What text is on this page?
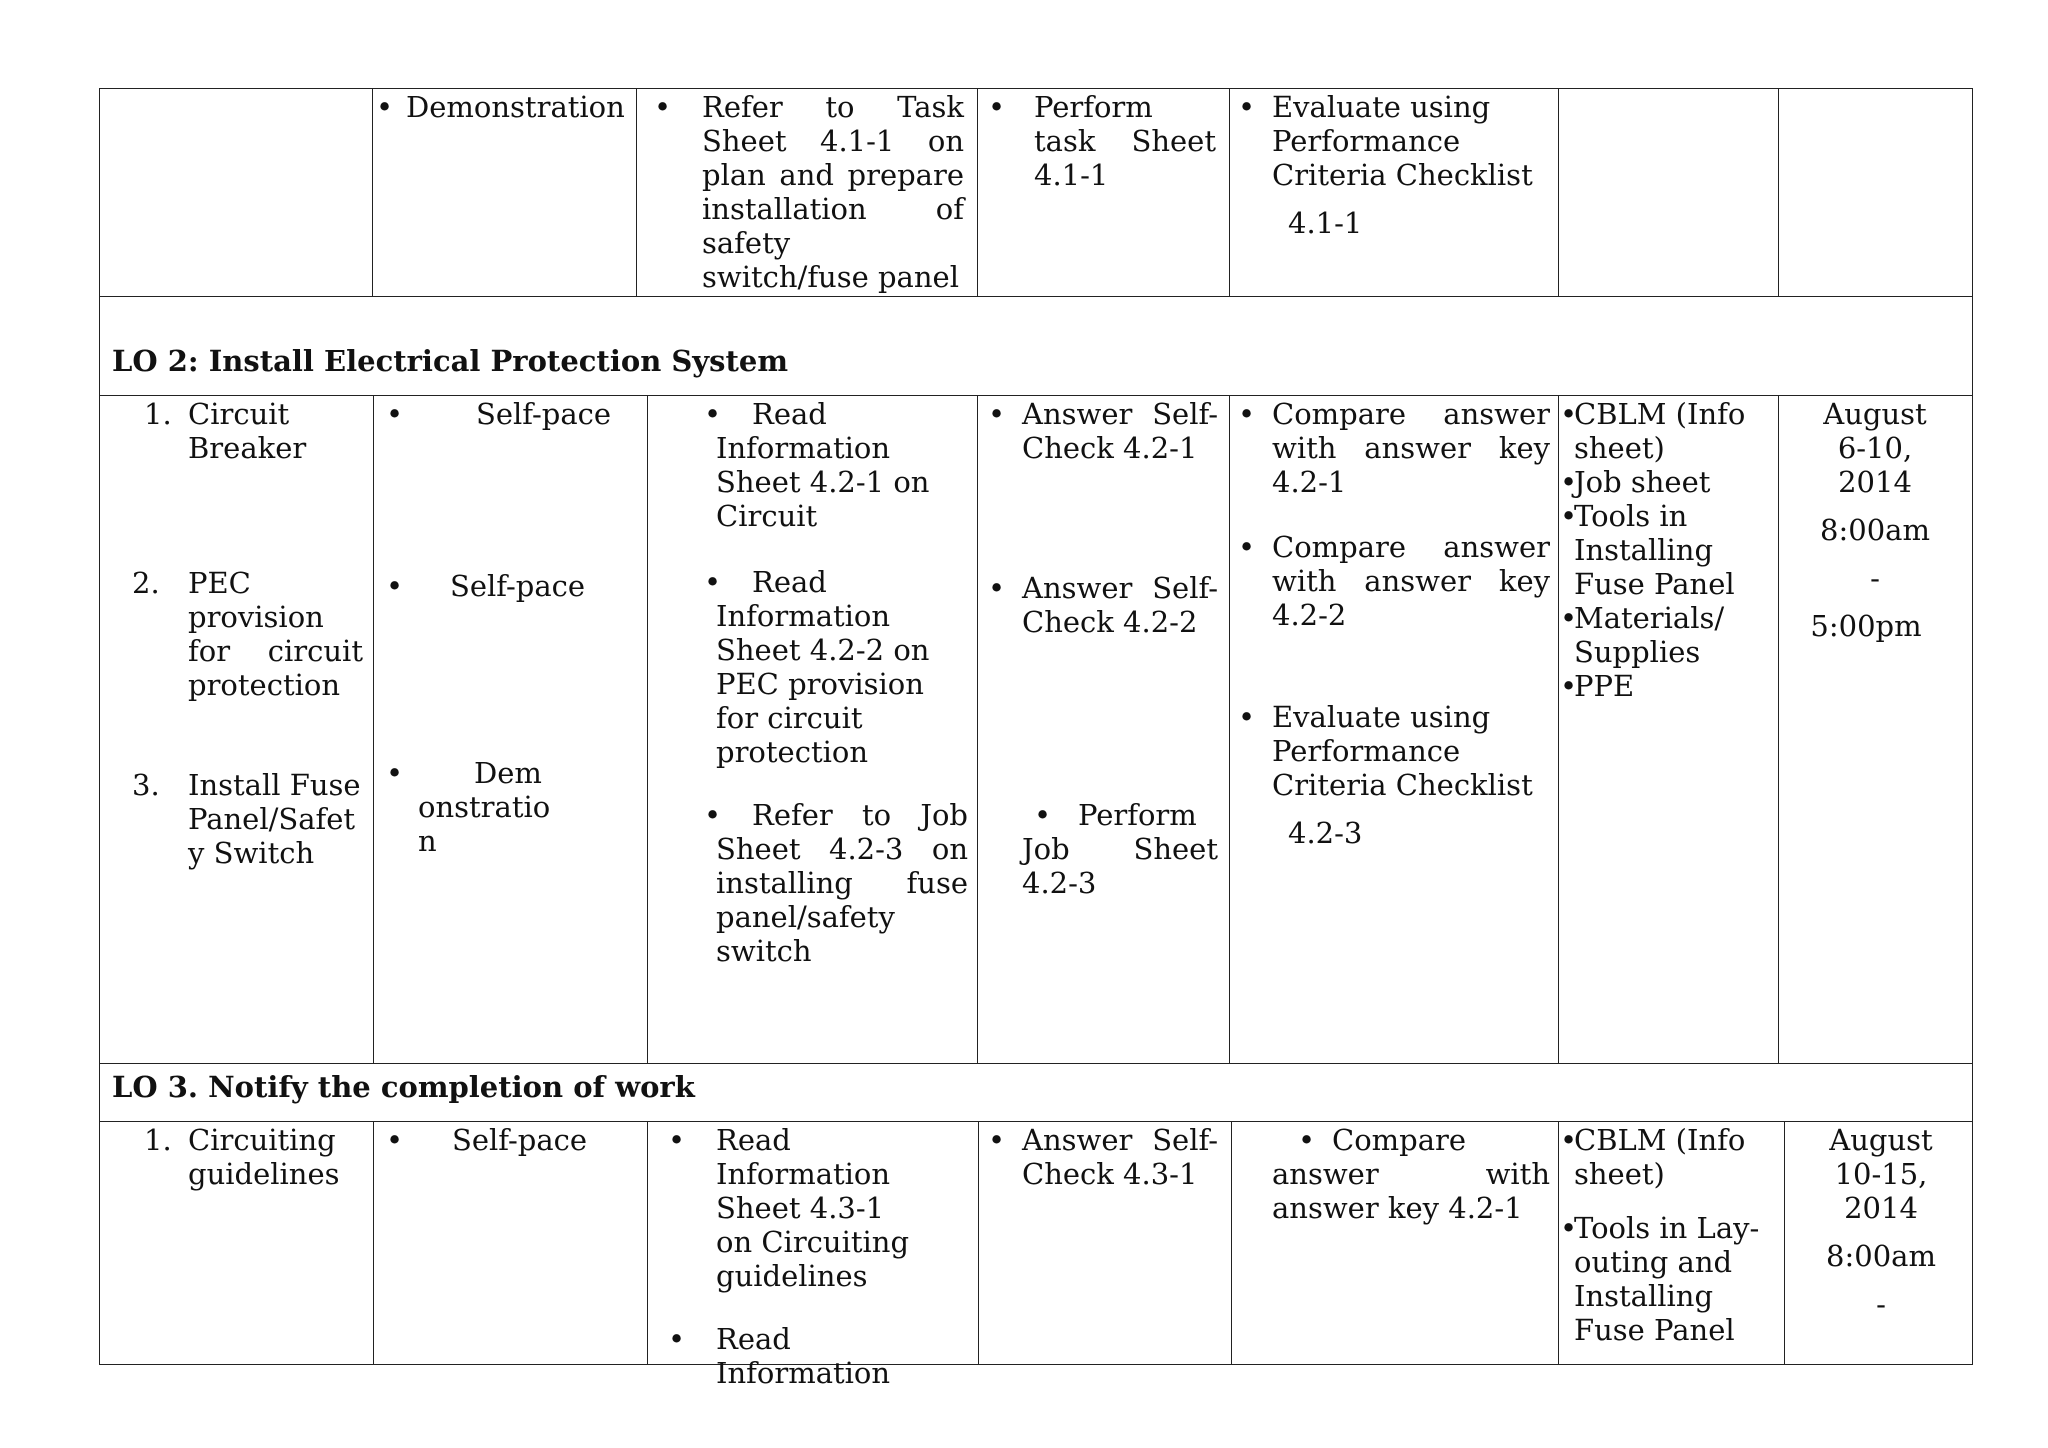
• Demonstration	• Refer to Task Sheet 4.1-1 on plan and prepare installation of safety switch/fuse panel
• Perform task Sheet 4.1-1
• Evaluate using Performance Criteria Checklist
4.1-1
LO 2: Install Electrical Protection System
1. Circuit Breaker
2. PEC provision for circuit protection
3. Install Fuse Panel/Safety Switch
• Self-pace
• Self-pace
• Demonstration
• Read Information Sheet 4.2-1 on Circuit
• Read Information Sheet 4.2-2 on PEC provision for circuit protection
• Refer to Job Sheet 4.2-3 on installing fuse panel/safety switch
• Answer Self-Check 4.2-1
• Answer Self-Check 4.2-2
• Perform Job Sheet 4.2-3
• Compare answer with answer key 4.2-1
• Compare answer with answer key 4.2-2
• Evaluate using Performance Criteria Checklist
4.2-3
• CBLM (Info sheet)
• Job sheet
• Tools in Installing Fuse Panel
• Materials/ Supplies
• PPE
August 6-10, 2014
8:00am
-
5:00pm
LO 3. Notify the completion of work
1. Circuiting guidelines
• Self-pace	• Read Information Sheet 4.3-1 on Circuiting guidelines
• Read Information
• Answer Self-Check 4.3-1
• Compare answer with answer key 4.2-1
• CBLM (Info sheet)
• Tools in Lay-outing and Installing Fuse Panel
August 10-15, 2014
8:00am
-
